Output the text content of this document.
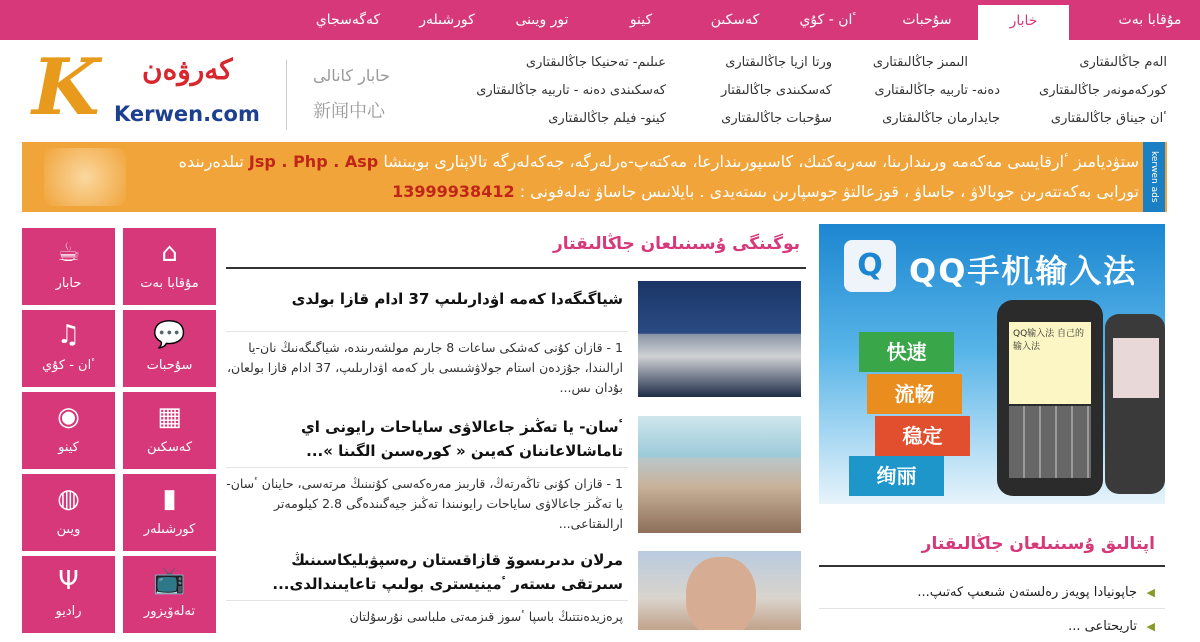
مۇقابا بەت
خابار
سۇحبات
ٴان - كۇي
كەسكىن
كينو
تور ويىنى
كورشىلەر
كەگەسجاي
K كەرۋەن
Kerwen.com
حابار كانالى
新闻中心
الەم جاڭالىقتارى
الىمىز جاڭالىقتارى
ورتا ازيا جاڭالىقتارى
عىلىم- تەحنيكا جاڭالىقتارى
كوركەمونەر جاڭالىقتارى
دەنە- تاربيە جاڭالىقتارى
كەسكىندى جاڭالىقتار
كەسكىندى دەنە - تاربيە جاڭالىقتارى
ٴان جيناق جاڭالىقتارى
جايدارمان جاڭالىقتارى
سۇحبات جاڭالىقتارى
كينو- فيلم جاڭالىقتارى
ستۋديامىز ٴارقايسى مەكەمە ورىندارىنا، سەربەكتىك، كاسىپورىندارعا، مەكتەپ-ەرلەرگە، جەكەلەرگە تالاپتارى بويىنشا Jsp . Php . Asp تىلدەرىندە
تورابى بەكەتتەرىن جوبالاۋ ، جاساۋ ، قوزعالتۋ جوسپارىن ىستەيدى . بايلانىس جاساۋ تەلەفونى : 13999938412	kerwen ads
⌂
مۇقابا بەت
☕
حابار
💬
سۇحبات
♫
ٴان - كۇي
▦
كەسكىن
◉
كينو
▮
كورشىلەر
◍
ويىن
📺
تەلەۆيزور
Ψ
راديو
بوگىنگى ۇسىنىلعان جاڭالىقتار
شياگىگەدا كەمە اۋدارىلىپ 37 ادام قازا بولدى
1 - قازان كۇنى كەشكى ساعات 8 جارىم مولشەرىندە، شياگىگەنىڭ نان-يا ارالىندا، جۇزدەن استام جولاۋشىسى بار كەمە اۋدارىلىپ، 37 ادام قازا بولعان، بۇدان ىس...
ٴسان- يا تەڭىز جاعالاۋى ساياحات رايونى اي تاماشالاعاننان كەيىن « كورەسىن الگىنا »...
1 - قازان كۇنى تاڭەرتەڭ، قاربىز مەرەكەسى كۇنىنىڭ مرتەسى، حاينان ٴسان- يا تەڭىز جاعالاۋى ساياحات رايونىندا تەڭىز جيەگىندەگى 2.8 كيلومەتر ارالىقتاعى...
مرلان ىدىرىسوۆ قازاقستان رەسپۋبليكاسىنىڭ سىرتقى ىستەر ٴمينيسترى بولىپ تاعايىندالدى...
پرەزيدەنتتىڭ باسپا ٴسوز قىزمەتى ملباسى نۇرسۇلتان
Q QQ手机输入法
快速
流畅
稳定
绚丽
QQ输入法 自己的输入法
اپتالىق ۇسىنىلعان جاڭالىقتار
◀
جاپونيادا پويەز رەلستەن شىعىپ كەتىپ...
◀
تاريحتاعى ...
